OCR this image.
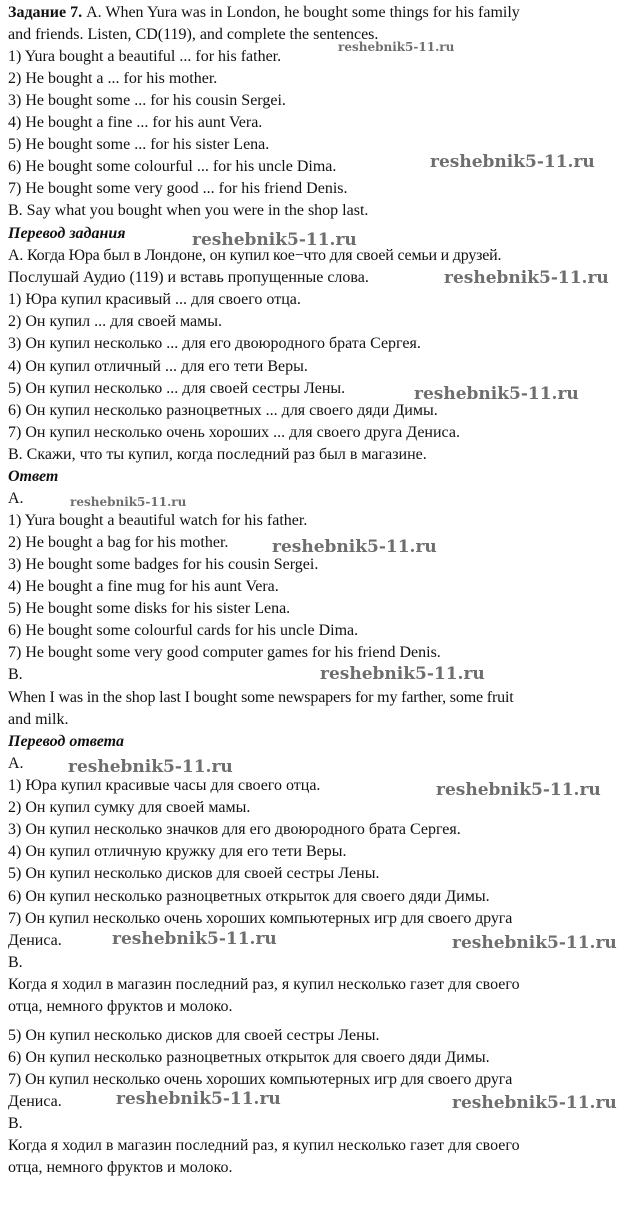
Задание 7. A. When Yura was in London, he bought some things for his family
and friends. Listen, CD(119), and complete the sentences.
1) Yura bought a beautiful ... for his father.
2) He bought a ... for his mother.
3) He bought some ... for his cousin Sergei.
4) He bought a fine ... for his aunt Vera.
5) He bought some ... for his sister Lena.
6) He bought some colourful ... for his uncle Dima.
7) He bought some very good ... for his friend Denis.
B. Say what you bought when you were in the shop last.
Перевод задания
А. Когда Юра был в Лондоне, он купил кое−что для своей семьи и друзей.
Послушай Аудио (119) и вставь пропущенные слова.
1) Юра купил красивый ... для своего отца.
2) Он купил ... для своей мамы.
3) Он купил несколько ... для его двоюродного брата Сергея.
4) Он купил отличный ... для его тети Веры.
5) Он купил несколько ... для своей сестры Лены.
6) Он купил несколько разноцветных ... для своего дяди Димы.
7) Он купил несколько очень хороших ... для своего друга Дениса.
В. Скажи, что ты купил, когда последний раз был в магазине.
Ответ
A.
1) Yura bought a beautiful watch for his father.
2) He bought a bag for his mother.
3) He bought some badges for his cousin Sergei.
4) He bought a fine mug for his aunt Vera.
5) He bought some disks for his sister Lena.
6) He bought some colourful cards for his uncle Dima.
7) He bought some very good computer games for his friend Denis.
B.
When I was in the shop last I bought some newspapers for my farther, some fruit
and milk.
Перевод ответа
А.
1) Юра купил красивые часы для своего отца.
2) Он купил сумку для своей мамы.
3) Он купил несколько значков для его двоюродного брата Сергея.
4) Он купил отличную кружку для его тети Веры.
5) Он купил несколько дисков для своей сестры Лены.
6) Он купил несколько разноцветных открыток для своего дяди Димы.
7) Он купил несколько очень хороших компьютерных игр для своего друга
Дениса.
В.
Когда я ходил в магазин последний раз, я купил несколько газет для своего
отца, немного фруктов и молоко.
5) Он купил несколько дисков для своей сестры Лены.
6) Он купил несколько разноцветных открыток для своего дяди Димы.
7) Он купил несколько очень хороших компьютерных игр для своего друга
Дениса.
В.
Когда я ходил в магазин последний раз, я купил несколько газет для своего
отца, немного фруктов и молоко.
reshebnik5-11.ru
reshebnik5-11.ru
reshebnik5-11.ru
reshebnik5-11.ru
reshebnik5-11.ru
reshebnik5-11.ru
reshebnik5-11.ru
reshebnik5-11.ru
reshebnik5-11.ru
reshebnik5-11.ru
reshebnik5-11.ru	reshebnik5-11.ru
reshebnik5-11.ru	reshebnik5-11.ru
